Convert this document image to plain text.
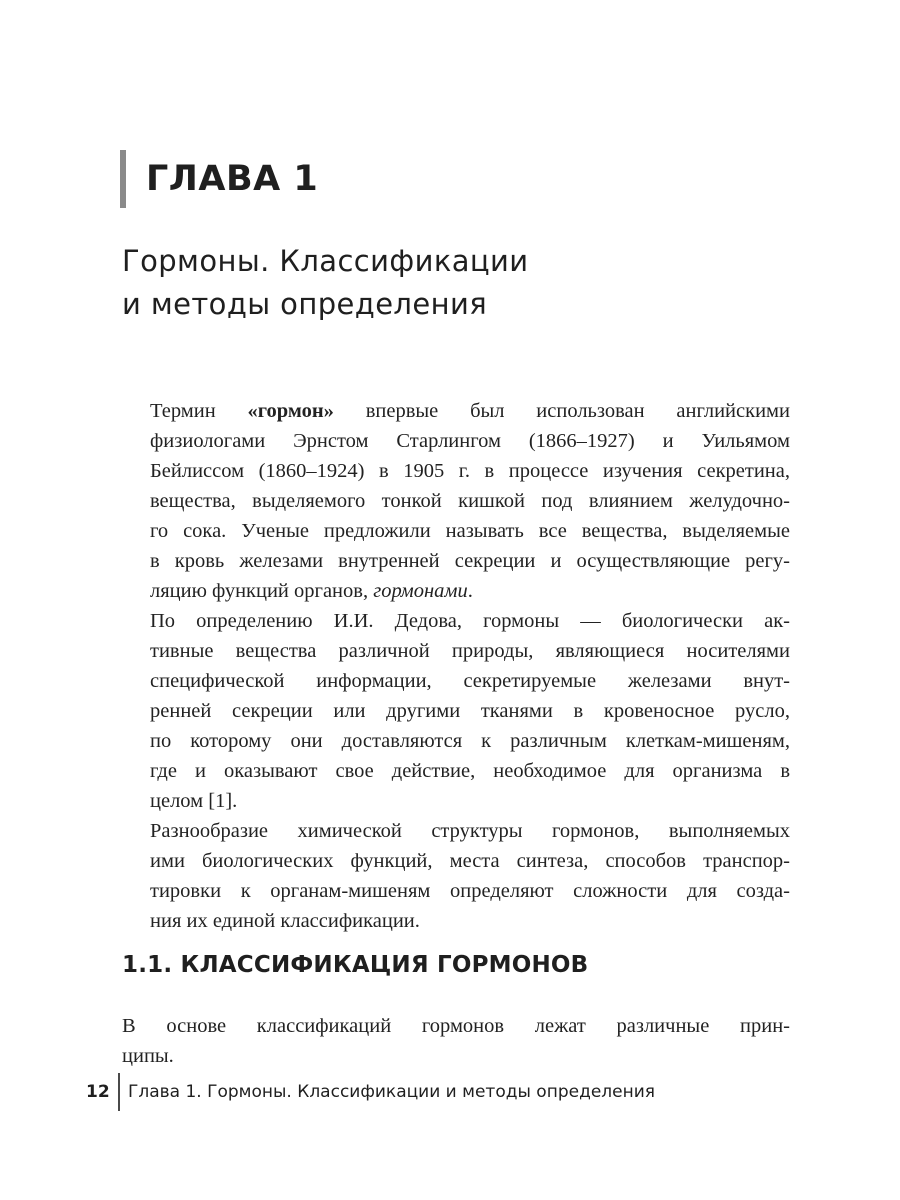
ГЛАВА 1
Гормоны. Классификации
и методы определения

Термин «гормон» впервые был использован английскими
физиологами Эрнстом Старлингом (1866–1927) и Уильямом
Бейлиссом (1860–1924) в 1905 г. в процессе изучения секретина,
вещества, выделяемого тонкой кишкой под влиянием желудочно-
го сока. Ученые предложили называть все вещества, выделяемые
в кровь железами внутренней секреции и осуществляющие регу-
ляцию функций органов, гормонами.

По определению И.И. Дедова, гормоны — биологически ак-
тивные вещества различной природы, являющиеся носителями
специфической информации, секретируемые железами внут-
ренней секреции или другими тканями в кровеносное русло,
по которому они доставляются к различным клеткам-мишеням,
где и оказывают свое действие, необходимое для организма в
целом [1].

Разнообразие химической структуры гормонов, выполняемых
ими биологических функций, места синтеза, способов транспор-
тировки к органам-мишеням определяют сложности для созда-
ния их единой классификации.

1.1. КЛАССИФИКАЦИЯ ГОРМОНОВ

В основе классификаций гормонов лежат различные прин-
ципы.

12	Глава 1. Гормоны. Классификации и методы определения
